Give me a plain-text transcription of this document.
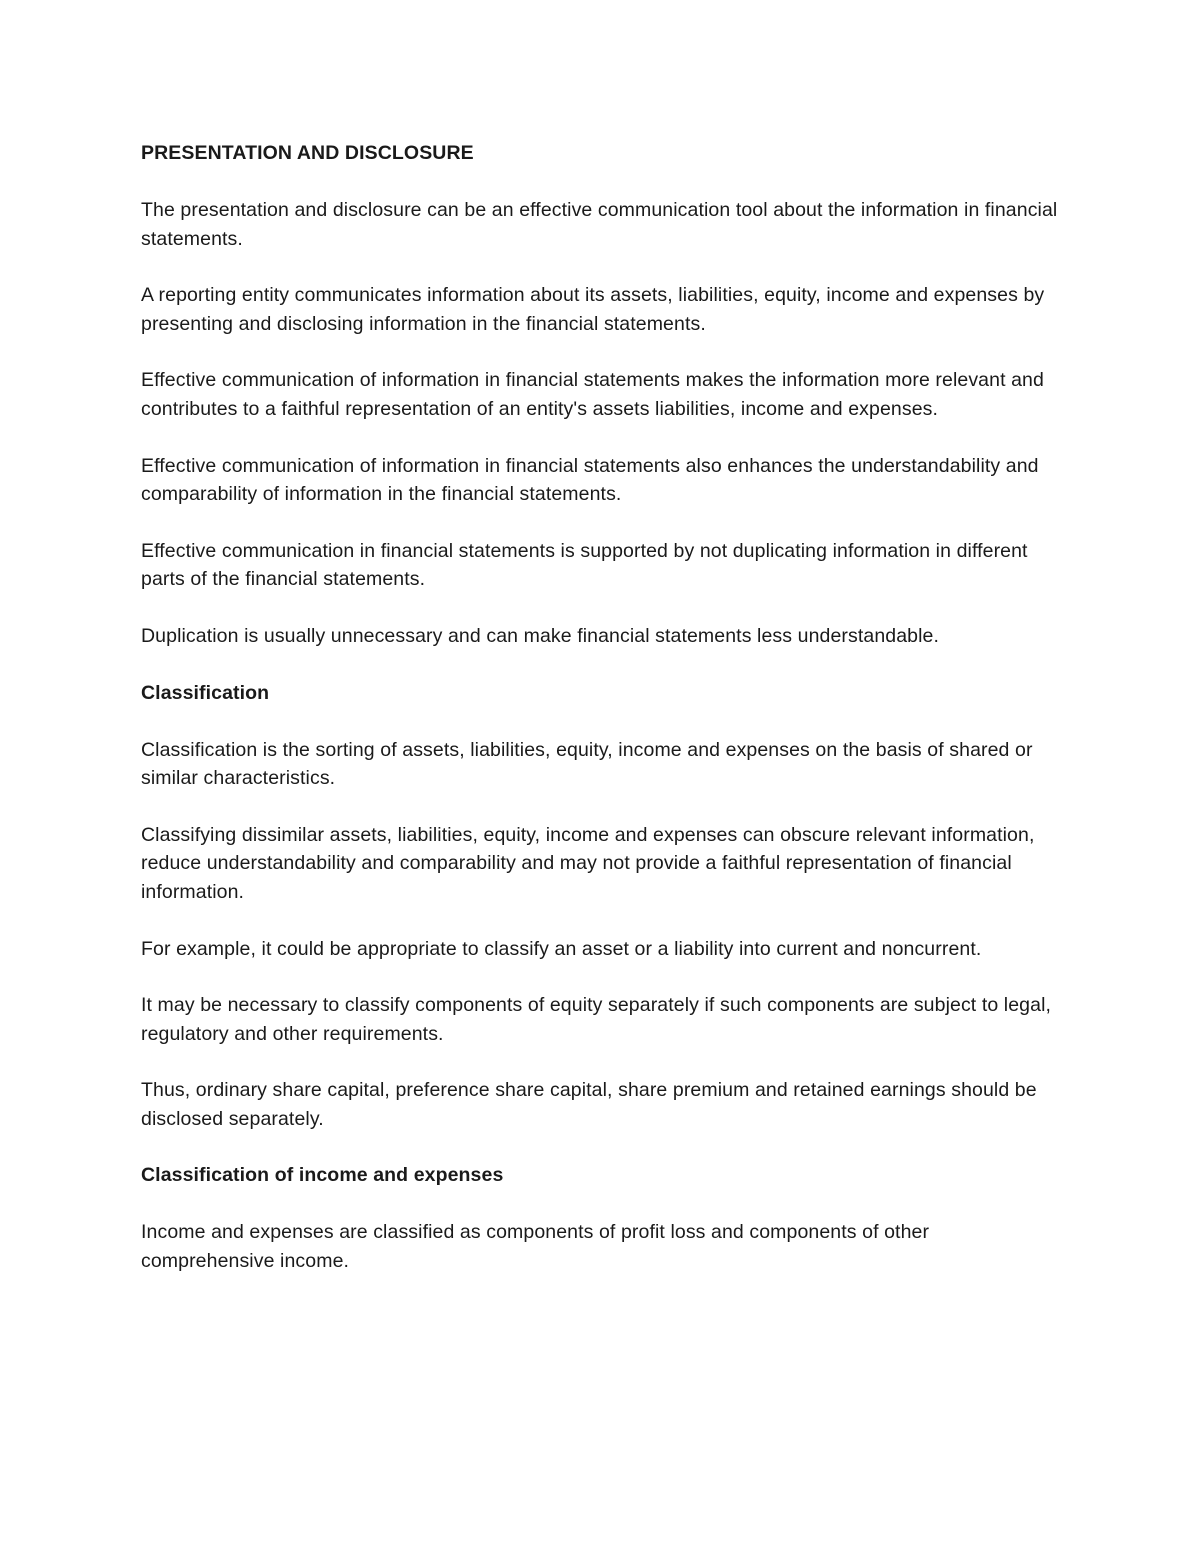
PRESENTATION AND DISCLOSURE

The presentation and disclosure can be an effective communication tool about the information in financial statements.

A reporting entity communicates information about its assets, liabilities, equity, income and expenses by presenting and disclosing information in the financial statements.

Effective communication of information in financial statements makes the information more relevant and contributes to a faithful representation of an entity's assets liabilities, income and expenses.

Effective communication of information in financial statements also enhances the understandability and comparability of information in the financial statements.

Effective communication in financial statements is supported by not duplicating information in different parts of the financial statements.

Duplication is usually unnecessary and can make financial statements less understandable.

Classification

Classification is the sorting of assets, liabilities, equity, income and expenses on the basis of shared or similar characteristics.

Classifying dissimilar assets, liabilities, equity, income and expenses can obscure relevant information, reduce understandability and comparability and may not provide a faithful representation of financial information.

For example, it could be appropriate to classify an asset or a liability into current and noncurrent.

It may be necessary to classify components of equity separately if such components are subject to legal, regulatory and other requirements.

Thus, ordinary share capital, preference share capital, share premium and retained earnings should be disclosed separately.

Classification of income and expenses

Income and expenses are classified as components of profit loss and components of other comprehensive income.
